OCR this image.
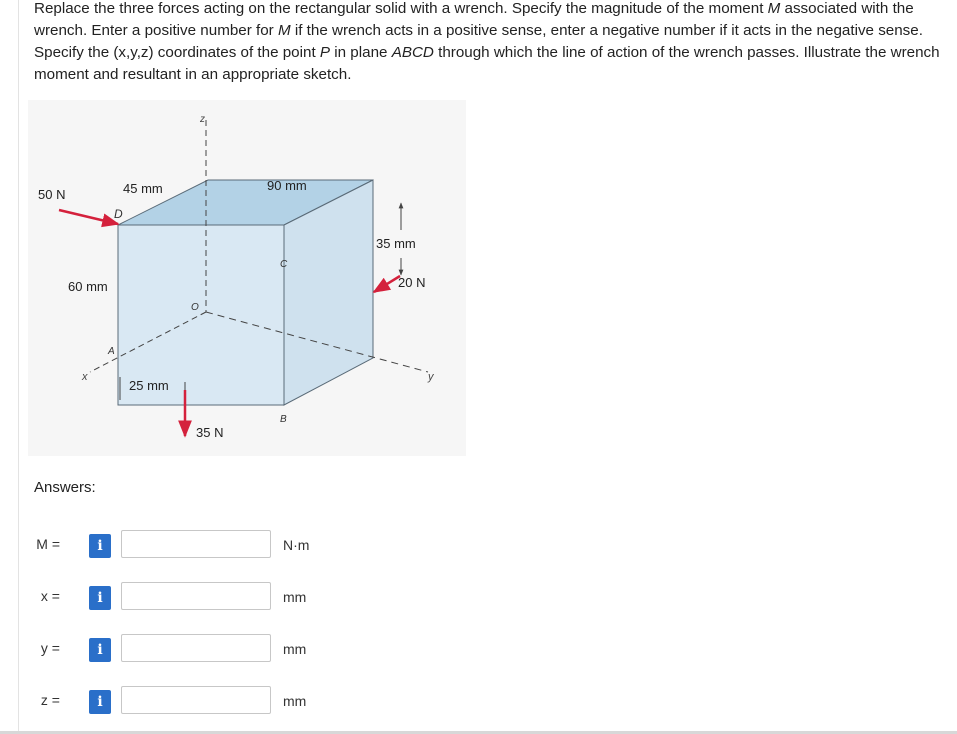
Replace the three forces acting on the rectangular solid with a wrench. Specify the magnitude of the moment M associated with the wrench. Enter a positive number for M if the wrench acts in a positive sense, enter a negative number if it acts in the negative sense. Specify the (x,y,z) coordinates of the point P in plane ABCD through which the line of action of the wrench passes. Illustrate the wrench moment and resultant in an appropriate sketch.

z
x	y
D
C
A
B
O
45 mm	90 mm
35 mm
60 mm
25 mm
50 N
35 N
20 N
Answers:
M =	i	N·m
x =	i	mm
y =	i	mm
z =	i	mm
